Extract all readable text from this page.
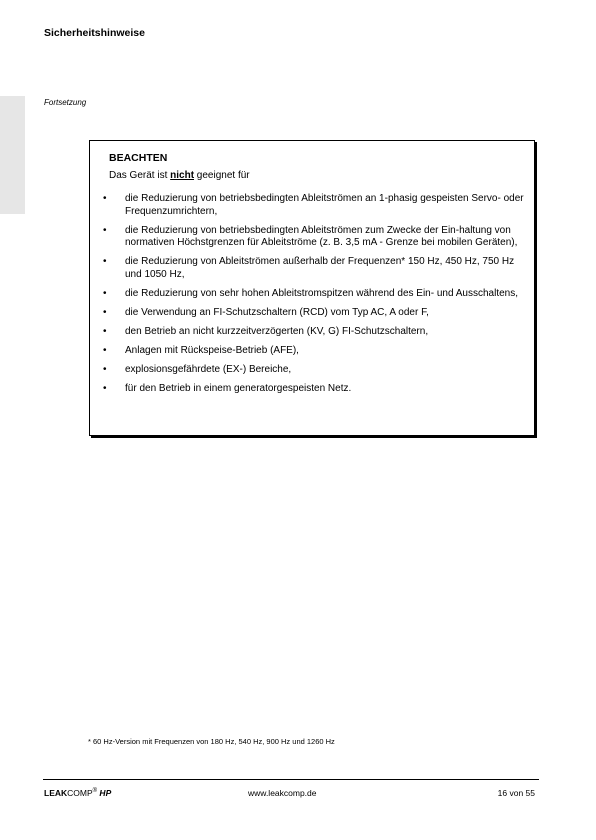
Sicherheitshinweise
Fortsetzung
BEACHTEN
Das Gerät ist nicht geeignet für
• die Reduzierung von betriebsbedingten Ableitströmen an 1-phasig gespeisten Servo- oder Frequenzumrichtern,
• die Reduzierung von betriebsbedingten Ableitströmen zum Zwecke der Ein-haltung von normativen Höchstgrenzen für Ableitströme (z. B. 3,5 mA - Grenze bei mobilen Geräten),
• die Reduzierung von Ableitströmen außerhalb der Frequenzen* 150 Hz, 450 Hz, 750 Hz und 1050 Hz,
• die Reduzierung von sehr hohen Ableitstromspitzen während des Ein- und Ausschaltens,
• die Verwendung an FI-Schutzschaltern (RCD) vom Typ AC, A oder F,
• den Betrieb an nicht kurzzeitverzögerten (KV, G) FI-Schutzschaltern,
• Anlagen mit Rückspeise-Betrieb (AFE),
• explosionsgefährdete (EX-) Bereiche,
• für den Betrieb in einem generatorgespeisten Netz.
* 60 Hz-Version mit Frequenzen von 180 Hz, 540 Hz, 900 Hz und 1260 Hz
LEAKCOMP® HP	www.leakcomp.de	16 von 55
